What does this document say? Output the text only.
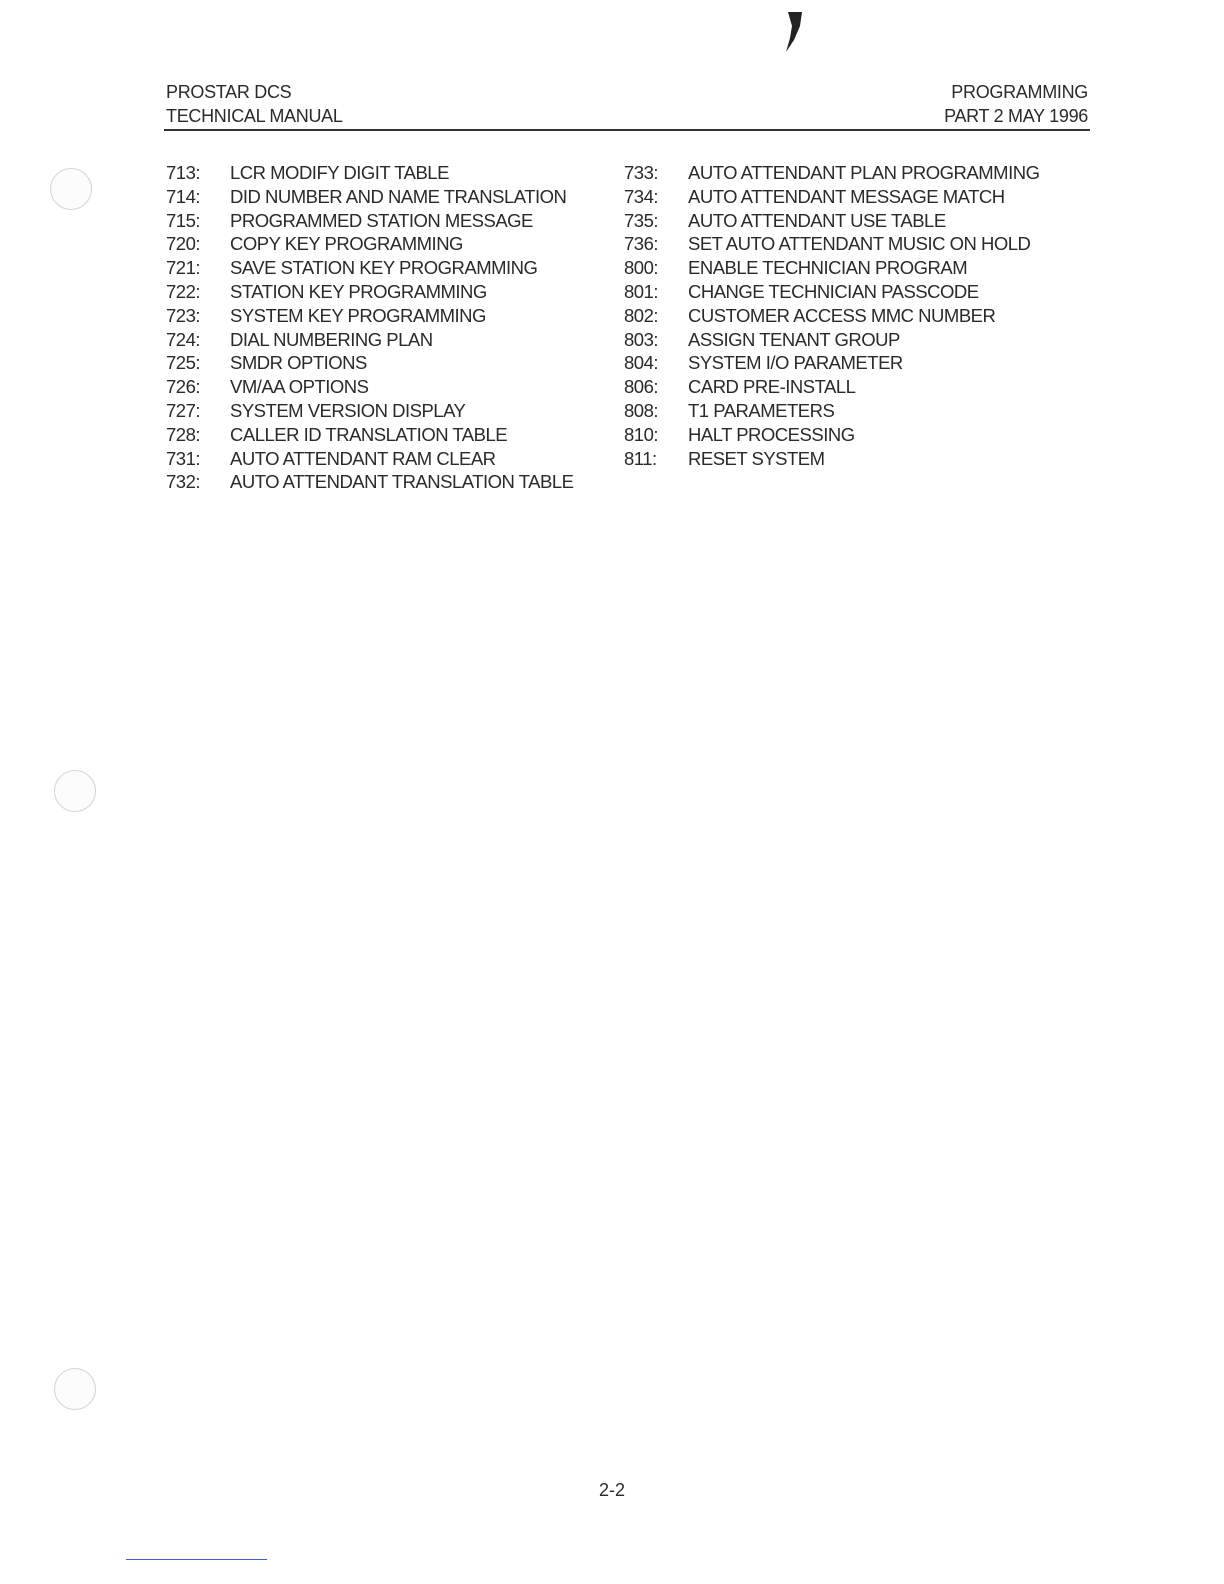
PROSTAR DCS
TECHNICAL MANUAL
PROGRAMMING
PART 2 MAY 1996
713:	LCR MODIFY DIGIT TABLE
714:	DID NUMBER AND NAME TRANSLATION
715:	PROGRAMMED STATION MESSAGE
720:	COPY KEY PROGRAMMING
721:	SAVE STATION KEY PROGRAMMING
722:	STATION KEY PROGRAMMING
723:	SYSTEM KEY PROGRAMMING
724:	DIAL NUMBERING PLAN
725:	SMDR OPTIONS
726:	VM/AA OPTIONS
727:	SYSTEM VERSION DISPLAY
728:	CALLER ID TRANSLATION TABLE
731:	AUTO ATTENDANT RAM CLEAR
732:	AUTO ATTENDANT TRANSLATION TABLE
733:	AUTO ATTENDANT PLAN PROGRAMMING
734:	AUTO ATTENDANT MESSAGE MATCH
735:	AUTO ATTENDANT USE TABLE
736:	SET AUTO ATTENDANT MUSIC ON HOLD
800:	ENABLE TECHNICIAN PROGRAM
801:	CHANGE TECHNICIAN PASSCODE
802:	CUSTOMER ACCESS MMC NUMBER
803:	ASSIGN TENANT GROUP
804:	SYSTEM I/O PARAMETER
806:	CARD PRE-INSTALL
808:	T1 PARAMETERS
810:	HALT PROCESSING
811:	RESET SYSTEM
2-2
